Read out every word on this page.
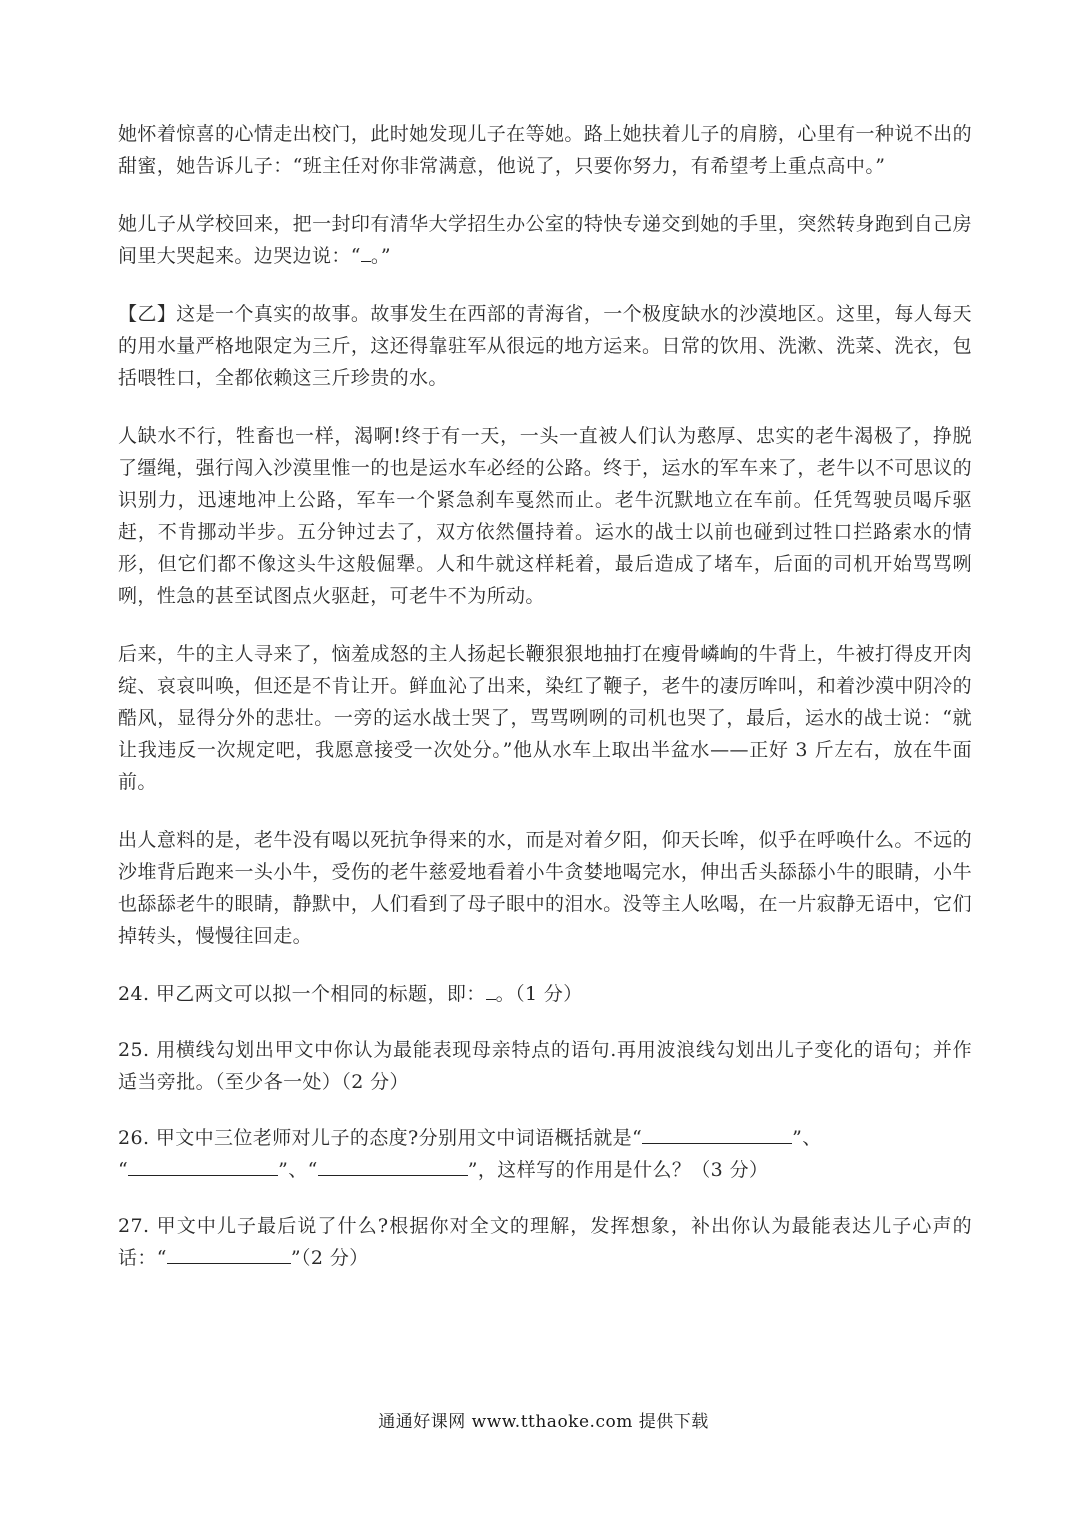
她怀着惊喜的心情走出校门，此时她发现儿子在等她。路上她扶着儿子的肩膀，心里有一种说不出的甜蜜，她告诉儿子：“班主任对你非常满意，他说了，只要你努力，有希望考上重点高中。”

她儿子从学校回来，把一封印有清华大学招生办公室的特快专递交到她的手里，突然转身跑到自己房间里大哭起来。边哭边说：“ 。”

【乙】这是一个真实的故事。故事发生在西部的青海省，一个极度缺水的沙漠地区。这里，每人每天的用水量严格地限定为三斤，这还得靠驻军从很远的地方运来。日常的饮用、洗漱、洗菜、洗衣，包括喂牲口，全都依赖这三斤珍贵的水。

人缺水不行，牲畜也一样，渴啊!终于有一天，一头一直被人们认为憨厚、忠实的老牛渴极了，挣脱了缰绳，强行闯入沙漠里惟一的也是运水车必经的公路。终于，运水的军车来了，老牛以不可思议的识别力，迅速地冲上公路，军车一个紧急刹车戛然而止。老牛沉默地立在车前。任凭驾驶员喝斥驱赶，不肯挪动半步。五分钟过去了，双方依然僵持着。运水的战士以前也碰到过牲口拦路索水的情形，但它们都不像这头牛这般倔犟。人和牛就这样耗着，最后造成了堵车，后面的司机开始骂骂咧咧，性急的甚至试图点火驱赶，可老牛不为所动。

后来，牛的主人寻来了，恼羞成怒的主人扬起长鞭狠狠地抽打在瘦骨嶙峋的牛背上，牛被打得皮开肉绽、哀哀叫唤，但还是不肯让开。鲜血沁了出来，染红了鞭子，老牛的凄厉哞叫，和着沙漠中阴冷的酷风，显得分外的悲壮。一旁的运水战士哭了，骂骂咧咧的司机也哭了，最后，运水的战士说：“就让我违反一次规定吧，我愿意接受一次处分。”他从水车上取出半盆水——正好 3 斤左右，放在牛面前。

出人意料的是，老牛没有喝以死抗争得来的水，而是对着夕阳，仰天长哞，似乎在呼唤什么。不远的沙堆背后跑来一头小牛，受伤的老牛慈爱地看着小牛贪婪地喝完水，伸出舌头舔舔小牛的眼睛，小牛也舔舔老牛的眼睛，静默中，人们看到了母子眼中的泪水。没等主人吆喝，在一片寂静无语中，它们掉转头，慢慢往回走。

24. 甲乙两文可以拟一个相同的标题，即： 。（1 分）

25. 用横线勾划出甲文中你认为最能表现母亲特点的语句.再用波浪线勾划出儿子变化的语句；并作适当旁批。（至少各一处）（2 分）

26. 甲文中三位老师对儿子的态度?分别用文中词语概括就是“	”、
“	”、“	”，这样写的作用是什么？（3 分）

27. 甲文中儿子最后说了什么?根据你对全文的理解，发挥想象，补出你认为最能表达儿子心声的话：“	”（2 分）

通通好课网 www.tthaoke.com 提供下载
